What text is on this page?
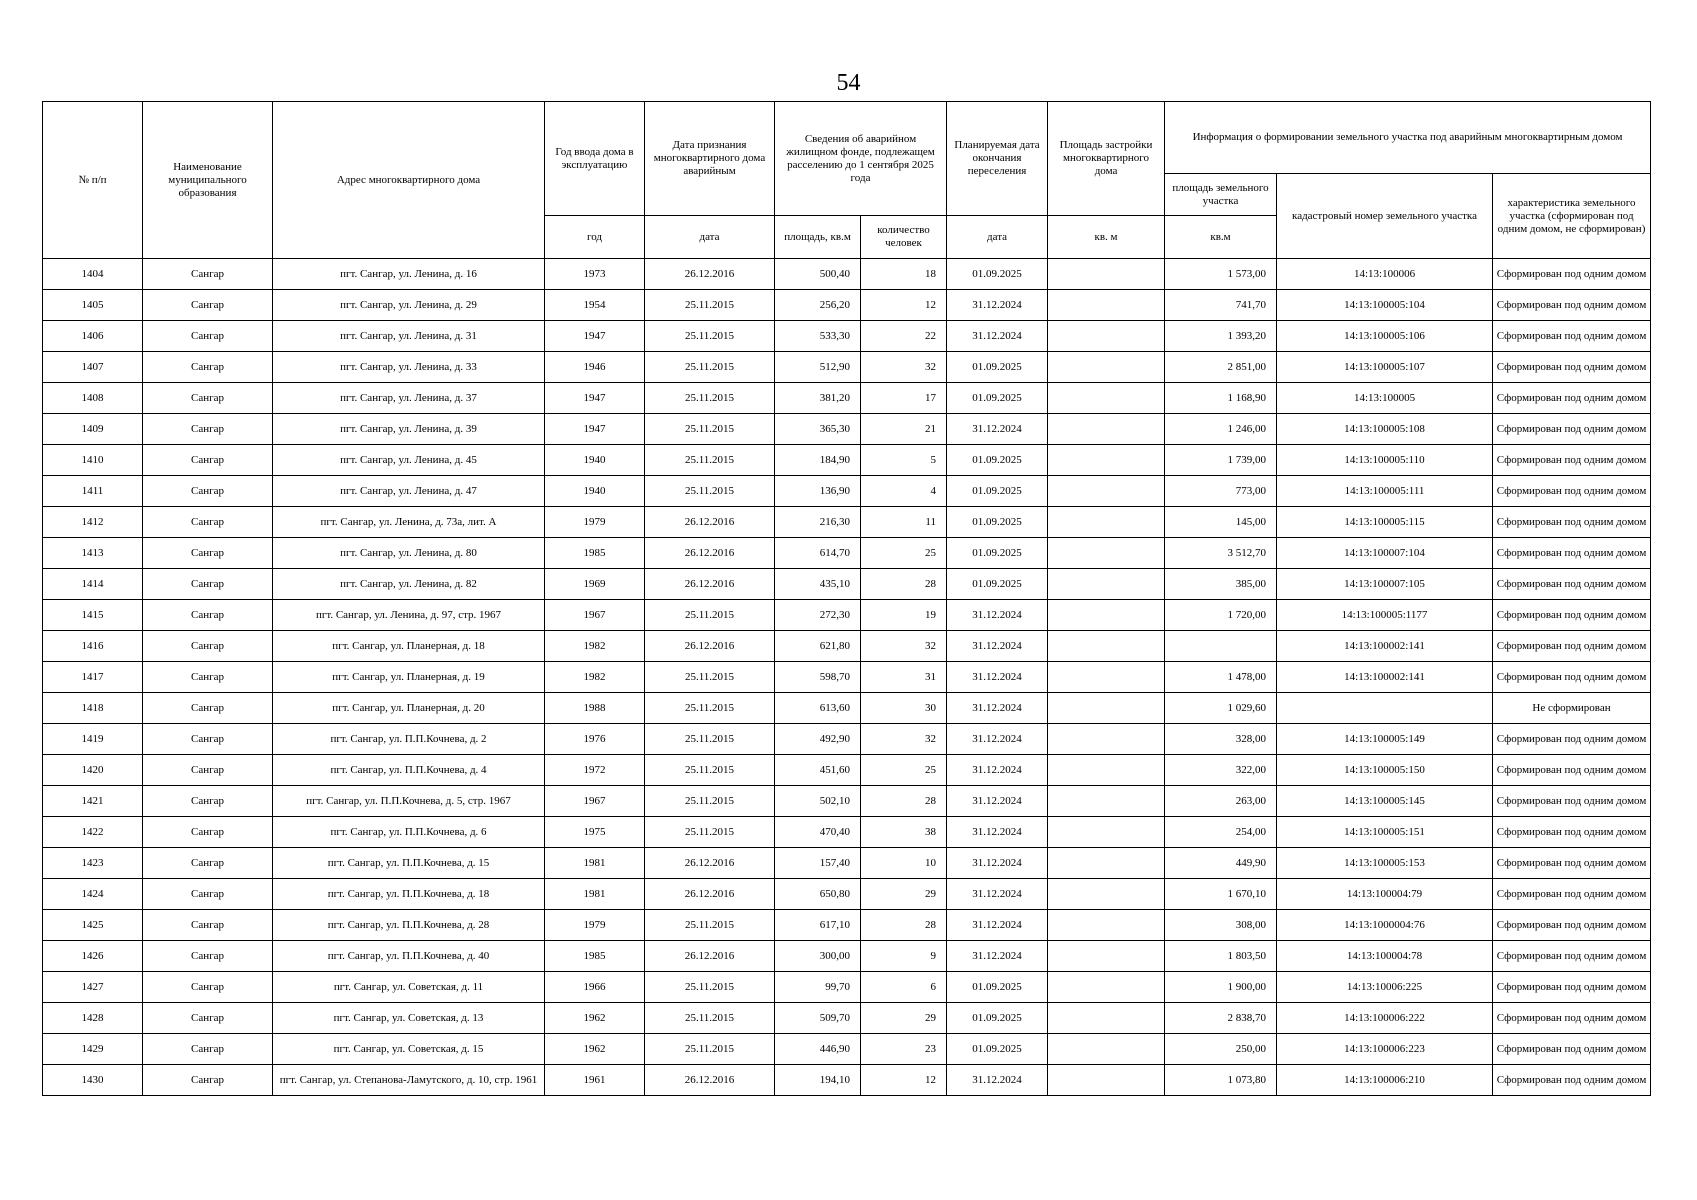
54
№ п/п	Наименование муниципального образования	Адрес многоквартирного дома	Год ввода дома в эксплуатацию	Дата признания многоквартирного дома аварийным	Сведения об аварийном жилищном фонде, подлежащем расселению до 1 сентября 2025 года		Планируемая дата окончания переселения	Площадь застройки многоквартирного дома	Информация о формировании земельного участка под аварийным многоквартирным домом		
									площадь земельного участка	кадастровый номер земельного участка	характеристика земельного участка (сформирован под одним домом, не сформирован)
			год	дата	площадь, кв.м	количество человек	дата	кв. м	кв.м		
1404	Сангар	пгт. Сангар, ул. Ленина, д. 16	1973	26.12.2016	500,40	18	01.09.2025		1 573,00	14:13:100006	Сформирован под одним домом
1405	Сангар	пгт. Сангар, ул. Ленина, д. 29	1954	25.11.2015	256,20	12	31.12.2024		741,70	14:13:100005:104	Сформирован под одним домом
1406	Сангар	пгт. Сангар, ул. Ленина, д. 31	1947	25.11.2015	533,30	22	31.12.2024		1 393,20	14:13:100005:106	Сформирован под одним домом
1407	Сангар	пгт. Сангар, ул. Ленина, д. 33	1946	25.11.2015	512,90	32	01.09.2025		2 851,00	14:13:100005:107	Сформирован под одним домом
1408	Сангар	пгт. Сангар, ул. Ленина, д. 37	1947	25.11.2015	381,20	17	01.09.2025		1 168,90	14:13:100005	Сформирован под одним домом
1409	Сангар	пгт. Сангар, ул. Ленина, д. 39	1947	25.11.2015	365,30	21	31.12.2024		1 246,00	14:13:100005:108	Сформирован под одним домом
1410	Сангар	пгт. Сангар, ул. Ленина, д. 45	1940	25.11.2015	184,90	5	01.09.2025		1 739,00	14:13:100005:110	Сформирован под одним домом
1411	Сангар	пгт. Сангар, ул. Ленина, д. 47	1940	25.11.2015	136,90	4	01.09.2025		773,00	14:13:100005:111	Сформирован под одним домом
1412	Сангар	пгт. Сангар, ул. Ленина, д. 73а, лит. А	1979	26.12.2016	216,30	11	01.09.2025		145,00	14:13:100005:115	Сформирован под одним домом
1413	Сангар	пгт. Сангар, ул. Ленина, д. 80	1985	26.12.2016	614,70	25	01.09.2025		3 512,70	14:13:100007:104	Сформирован под одним домом
1414	Сангар	пгт. Сангар, ул. Ленина, д. 82	1969	26.12.2016	435,10	28	01.09.2025		385,00	14:13:100007:105	Сформирован под одним домом
1415	Сангар	пгт. Сангар, ул. Ленина, д. 97, стр. 1967	1967	25.11.2015	272,30	19	31.12.2024		1 720,00	14:13:100005:1177	Сформирован под одним домом
1416	Сангар	пгт. Сангар, ул. Планерная, д. 18	1982	26.12.2016	621,80	32	31.12.2024			14:13:100002:141	Сформирован под одним домом
1417	Сангар	пгт. Сангар, ул. Планерная, д. 19	1982	25.11.2015	598,70	31	31.12.2024		1 478,00	14:13:100002:141	Сформирован под одним домом
1418	Сангар	пгт. Сангар, ул. Планерная, д. 20	1988	25.11.2015	613,60	30	31.12.2024		1 029,60		Не сформирован
1419	Сангар	пгт. Сангар, ул. П.П.Кочнева, д. 2	1976	25.11.2015	492,90	32	31.12.2024		328,00	14:13:100005:149	Сформирован под одним домом
1420	Сангар	пгт. Сангар, ул. П.П.Кочнева, д. 4	1972	25.11.2015	451,60	25	31.12.2024		322,00	14:13:100005:150	Сформирован под одним домом
1421	Сангар	пгт. Сангар, ул. П.П.Кочнева, д. 5, стр. 1967	1967	25.11.2015	502,10	28	31.12.2024		263,00	14:13:100005:145	Сформирован под одним домом
1422	Сангар	пгт. Сангар, ул. П.П.Кочнева, д. 6	1975	25.11.2015	470,40	38	31.12.2024		254,00	14:13:100005:151	Сформирован под одним домом
1423	Сангар	пгт. Сангар, ул. П.П.Кочнева, д. 15	1981	26.12.2016	157,40	10	31.12.2024		449,90	14:13:100005:153	Сформирован под одним домом
1424	Сангар	пгт. Сангар, ул. П.П.Кочнева, д. 18	1981	26.12.2016	650,80	29	31.12.2024		1 670,10	14:13:100004:79	Сформирован под одним домом
1425	Сангар	пгт. Сангар, ул. П.П.Кочнева, д. 28	1979	25.11.2015	617,10	28	31.12.2024		308,00	14:13:1000004:76	Сформирован под одним домом
1426	Сангар	пгт. Сангар, ул. П.П.Кочнева, д. 40	1985	26.12.2016	300,00	9	31.12.2024		1 803,50	14:13:100004:78	Сформирован под одним домом
1427	Сангар	пгт. Сангар, ул. Советская, д. 11	1966	25.11.2015	99,70	6	01.09.2025		1 900,00	14:13:10006:225	Сформирован под одним домом
1428	Сангар	пгт. Сангар, ул. Советская, д. 13	1962	25.11.2015	509,70	29	01.09.2025		2 838,70	14:13:100006:222	Сформирован под одним домом
1429	Сангар	пгт. Сангар, ул. Советская, д. 15	1962	25.11.2015	446,90	23	01.09.2025		250,00	14:13:100006:223	Сформирован под одним домом
1430	Сангар	пгт. Сангар, ул. Степанова-Ламутского, д. 10, стр. 1961	1961	26.12.2016	194,10	12	31.12.2024		1 073,80	14:13:100006:210	Сформирован под одним домом
